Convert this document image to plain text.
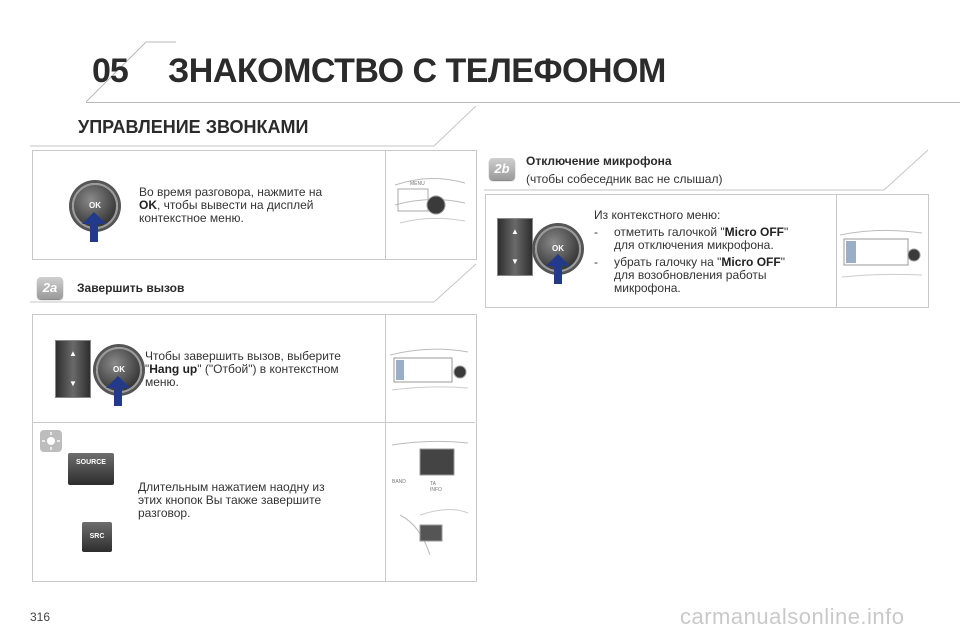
05 ЗНАКОМСТВО С ТЕЛЕФОНОМ
УПРАВЛЕНИЕ ЗВОНКАМИ
OK
Во время разговора, нажмите на
OK, чтобы вывести на дисплей
контекстное меню.
MENU
2a	Завершить вызов
▲
▼
OK
Чтобы завершить вызов, выберите
"Hang up" ("Отбой") в контекстном
меню.
SOURCE
SRC
Длительным нажатием наодну из
этих кнопок Вы также завершите
разговор.
BAND	TA
INFO
2b	Отключение микрофона
(чтобы собеседник вас не слышал)
▲
▼
OK
Из контекстного меню:
- отметить галочкой "Micro OFF"
для отключения микрофона.
- убрать галочку на "Micro OFF"
для возобновления работы
микрофона.
316	carmanualsonline.info
